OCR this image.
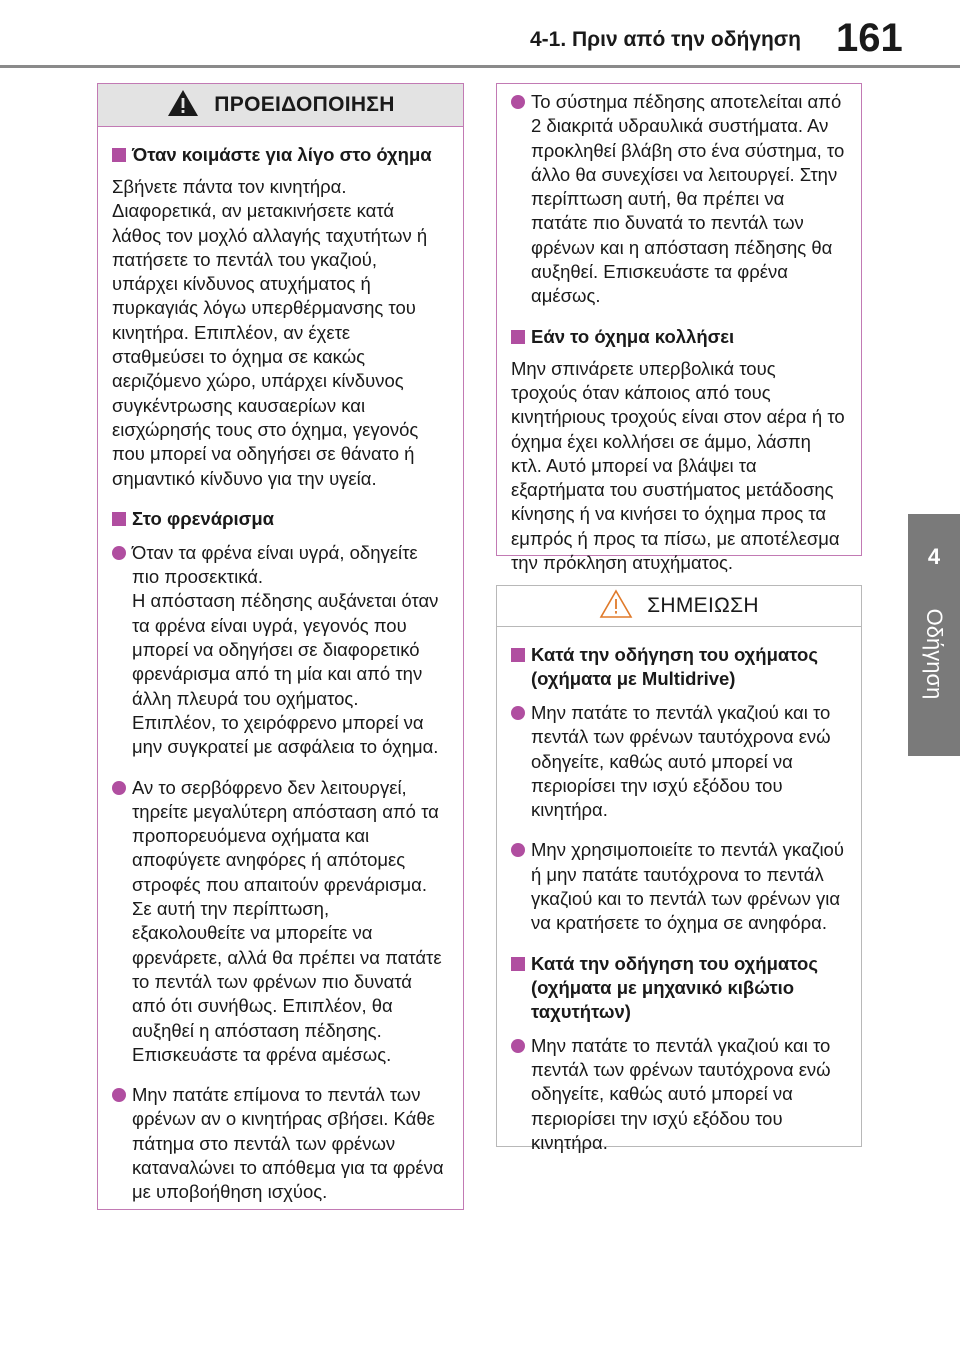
4-1. Πριν από την οδήγηση 161
4
Οδήγηση
ΠΡΟΕΙΔΟΠΟΙΗΣΗ
Όταν κοιμάστε για λίγο στο όχημα
Σβήνετε πάντα τον κινητήρα. Διαφορετικά, αν μετακινήσετε κατά λάθος τον μοχλό αλλαγής ταχυτήτων ή πατήσετε το πεντάλ του γκαζιού, υπάρχει κίνδυνος ατυχήματος ή πυρκαγιάς λόγω υπερθέρμανσης του κινητήρα. Επιπλέον, αν έχετε σταθμεύσει το όχημα σε κακώς αεριζόμενο χώρο, υπάρχει κίνδυνος συγκέντρωσης καυσαερίων και εισχώρησής τους στο όχημα, γεγονός που μπορεί να οδηγήσει σε θάνατο ή σημαντικό κίνδυνο για την υγεία.
Στο φρενάρισμα
Όταν τα φρένα είναι υγρά, οδηγείτε πιο προσεκτικά.
Η απόσταση πέδησης αυξάνεται όταν τα φρένα είναι υγρά, γεγονός που μπορεί να οδηγήσει σε διαφορετικό φρενάρισμα από τη μία και από την άλλη πλευρά του οχήματος. Επιπλέον, το χειρόφρενο μπορεί να μην συγκρατεί με ασφάλεια το όχημα.
Αν το σερβόφρενο δεν λειτουργεί, τηρείτε μεγαλύτερη απόσταση από τα προπορευόμενα οχήματα και αποφύγετε ανηφόρες ή απότομες στροφές που απαιτούν φρενάρισμα.
Σε αυτή την περίπτωση, εξακολουθείτε να μπορείτε να φρενάρετε, αλλά θα πρέπει να πατάτε το πεντάλ των φρένων πιο δυνατά από ότι συνήθως. Επιπλέον, θα αυξηθεί η απόσταση πέδησης. Επισκευάστε τα φρένα αμέσως.
Μην πατάτε επίμονα το πεντάλ των φρένων αν ο κινητήρας σβήσει. Κάθε πάτημα στο πεντάλ των φρένων καταναλώνει το απόθεμα για τα φρένα με υποβοήθηση ισχύος.
Το σύστημα πέδησης αποτελείται από 2 διακριτά υδραυλικά συστήματα. Αν προκληθεί βλάβη στο ένα σύστημα, το άλλο θα συνεχίσει να λειτουργεί. Στην περίπτωση αυτή, θα πρέπει να πατάτε πιο δυνατά το πεντάλ των φρένων και η απόσταση πέδησης θα αυξηθεί. Επισκευάστε τα φρένα αμέσως.
Εάν το όχημα κολλήσει
Μην σπινάρετε υπερβολικά τους τροχούς όταν κάποιος από τους κινητήριους τροχούς είναι στον αέρα ή το όχημα έχει κολλήσει σε άμμο, λάσπη κτλ. Αυτό μπορεί να βλάψει τα εξαρτήματα του συστήματος μετάδοσης κίνησης ή να κινήσει το όχημα προς τα εμπρός ή προς τα πίσω, με αποτέλεσμα την πρόκληση ατυχήματος.
ΣΗΜΕΙΩΣΗ
Κατά την οδήγηση του οχήματος (οχήματα με Multidrive)
Μην πατάτε το πεντάλ γκαζιού και το πεντάλ των φρένων ταυτόχρονα ενώ οδηγείτε, καθώς αυτό μπορεί να περιορίσει την ισχύ εξόδου του κινητήρα.
Μην χρησιμοποιείτε το πεντάλ γκαζιού ή μην πατάτε ταυτόχρονα το πεντάλ γκαζιού και το πεντάλ των φρένων για να κρατήσετε το όχημα σε ανηφόρα.
Κατά την οδήγηση του οχήματος (οχήματα με μηχανικό κιβώτιο ταχυτήτων)
Μην πατάτε το πεντάλ γκαζιού και το πεντάλ των φρένων ταυτόχρονα ενώ οδηγείτε, καθώς αυτό μπορεί να περιορίσει την ισχύ εξόδου του κινητήρα.
